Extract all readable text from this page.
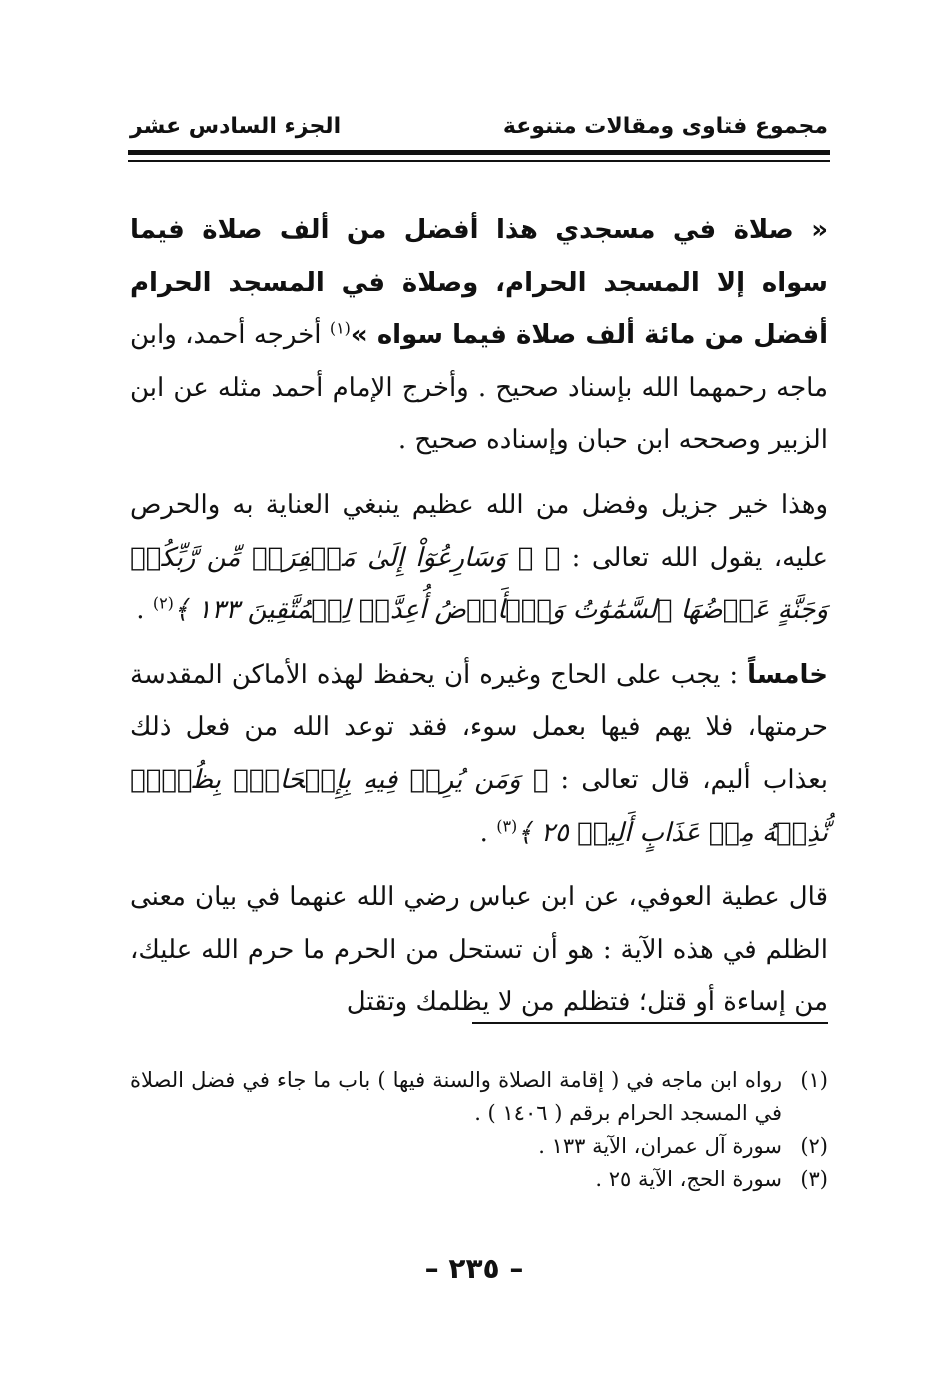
مجموع فتاوى ومقالات متنوعة
الجزء السادس عشر

« صلاة في مسجدي هذا أفضل من ألف صلاة فيما سواه إلا المسجد الحرام، وصلاة في المسجد الحرام أفضل من مائة ألف صلاة فيما سواه »$^{(١)}$ أخرجه أحمد، وابن ماجه رحمهما الله بإسناد صحيح . وأخرج الإمام أحمد مثله عن ابن الزبير وصححه ابن حبان وإسناده صحيح .

وهذا خير جزيل وفضل من الله عظيم ينبغي العناية به والحرص عليه، يقول الله تعالى : ﴿ ۞ وَسَارِعُوٓاْ إِلَىٰ مَغۡفِرَةٖ مِّن رَّبِّكُمۡ وَجَنَّةٍ عَرۡضُهَا ٱلسَّمَٰوَٰتُ وَٱلۡأَرۡضُ أُعِدَّتۡ لِلۡمُتَّقِينَ ١٣٣ ﴾$^{(٢)}$ .

خامساً : يجب على الحاج وغيره أن يحفظ لهذه الأماكن المقدسة حرمتها، فلا يهم فيها بعمل سوء، فقد توعد الله من فعل ذلك بعذاب أليم، قال تعالى : ﴿ وَمَن يُرِدۡ فِيهِ بِإِلۡحَادِۭ بِظُلۡمٖ نُّذِقۡهُ مِنۡ عَذَابٍ أَلِيمٖ ٢٥ ﴾$^{(٣)}$ .

قال عطية العوفي، عن ابن عباس رضي الله عنهما في بيان معنى الظلم في هذه الآية : هو أن تستحل من الحرم ما حرم الله عليك، من إساءة أو قتل؛ فتظلم من لا يظلمك وتقتل

(١)
رواه ابن ماجه في ( إقامة الصلاة والسنة فيها ) باب ما جاء في فضل الصلاة في المسجد الحرام برقم ( ١٤٠٦ ) .
(٢)
سورة آل عمران، الآية ١٣٣ .
(٣)
سورة الحج، الآية ٢٥ .
– ٢٣٥ –
